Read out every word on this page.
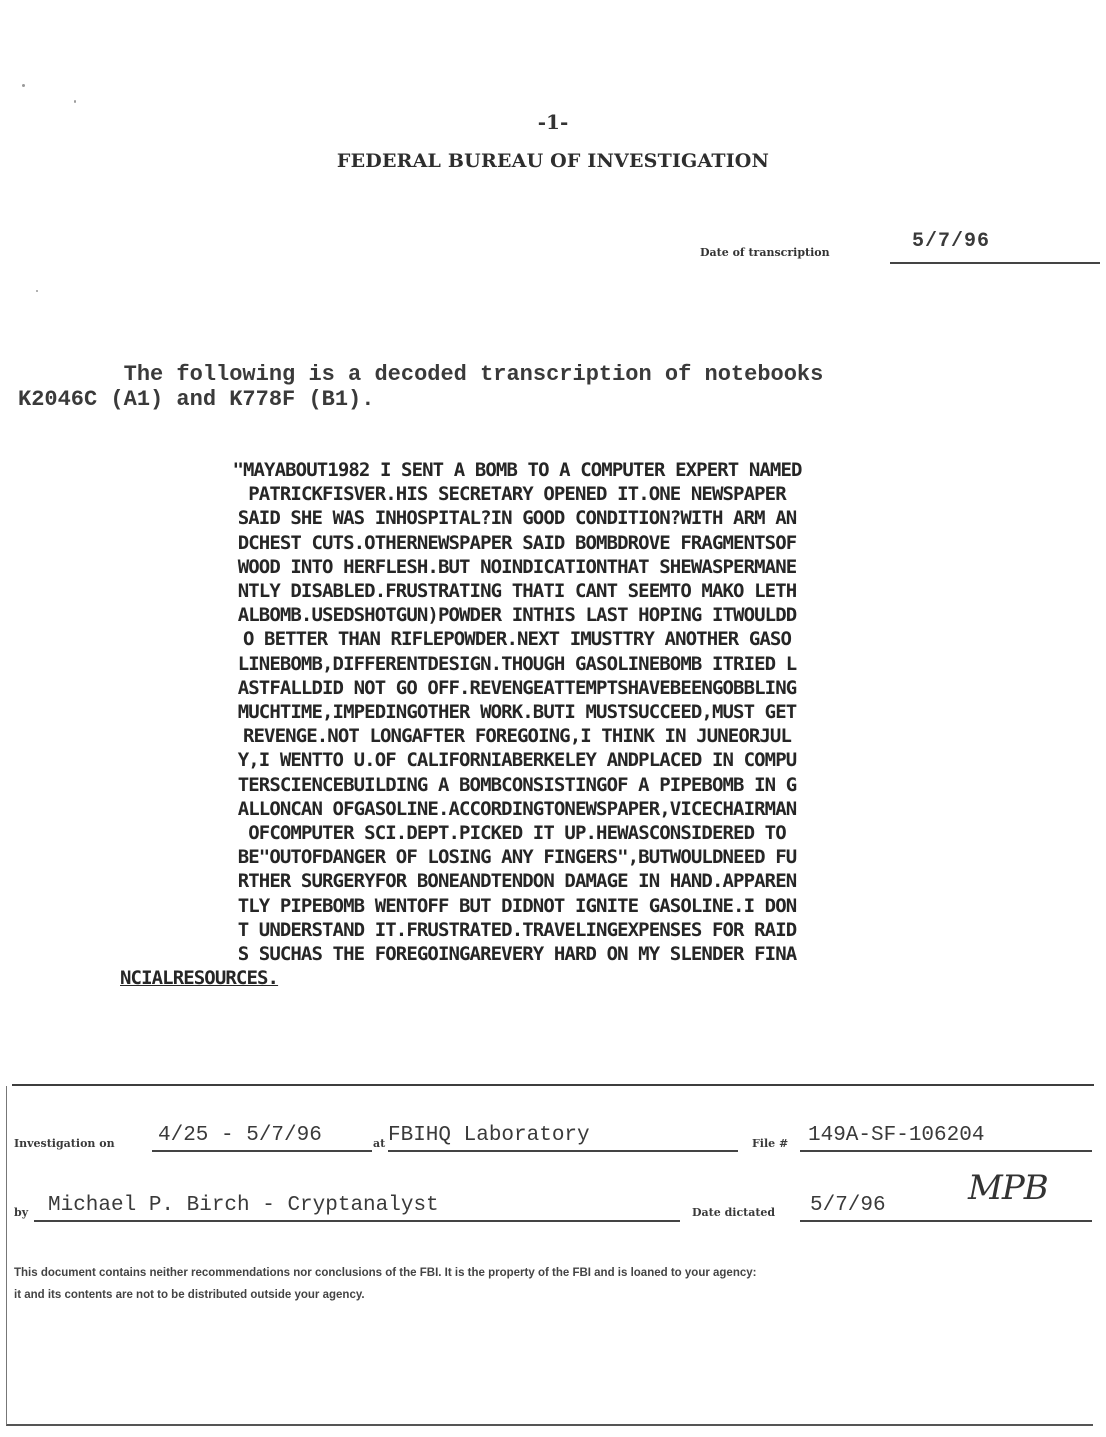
-1-
FEDERAL BUREAU OF INVESTIGATION
Date of transcription	5/7/96
The following is a decoded transcription of notebooks
K2046C (A1) and K778F (B1).
"MAYABOUT1982 I SENT A BOMB TO A COMPUTER EXPERT NAMED
PATRICKFISVER.HIS SECRETARY OPENED IT.ONE NEWSPAPER
SAID SHE WAS INHOSPITAL?IN GOOD CONDITION?WITH ARM AN
DCHEST CUTS.OTHERNEWSPAPER SAID BOMBDROVE FRAGMENTSOF
WOOD INTO HERFLESH.BUT NOINDICATIONTHAT SHEWASPERMANE
NTLY DISABLED.FRUSTRATING THATI CANT SEEMTO MAKO LETH
ALBOMB.USEDSHOTGUN)POWDER INTHIS LAST HOPING ITWOULDD
O BETTER THAN RIFLEPOWDER.NEXT IMUSTTRY ANOTHER GASO
LINEBOMB,DIFFERENTDESIGN.THOUGH GASOLINEBOMB ITRIED L
ASTFALLDID NOT GO OFF.REVENGEATTEMPTSHAVEBEENGOBBLING
MUCHTIME,IMPEDINGOTHER WORK.BUTI MUSTSUCCEED,MUST GET
REVENGE.NOT LONGAFTER FOREGOING,I THINK IN JUNEORJUL
Y,I WENTTO U.OF CALIFORNIABERKELEY ANDPLACED IN COMPU
TERSCIENCEBUILDING A BOMBCONSISTINGOF A PIPEBOMB IN G
ALLONCAN OFGASOLINE.ACCORDINGTONEWSPAPER,VICECHAIRMAN
OFCOMPUTER SCI.DEPT.PICKED IT UP.HEWASCONSIDERED TO
BE"OUTOFDANGER OF LOSING ANY FINGERS",BUTWOULDNEED FU
RTHER SURGERYFOR BONEANDTENDON DAMAGE IN HAND.APPAREN
TLY PIPEBOMB WENTOFF BUT DIDNOT IGNITE GASOLINE.I DON
T UNDERSTAND IT.FRUSTRATED.TRAVELINGEXPENSES FOR RAID
S SUCHAS THE FOREGOINGAREVERY HARD ON MY SLENDER FINA

NCIALRESOURCES.
Investigation on 4/25 - 5/7/96	at FBIHQ Laboratory	File # 149A-SF-106204
by Michael P. Birch - Cryptanalyst	Date dictated	5/7/96	MPB
This document contains neither recommendations nor conclusions of the FBI. It is the property of the FBI and is loaned to your agency:
it and its contents are not to be distributed outside your agency.
